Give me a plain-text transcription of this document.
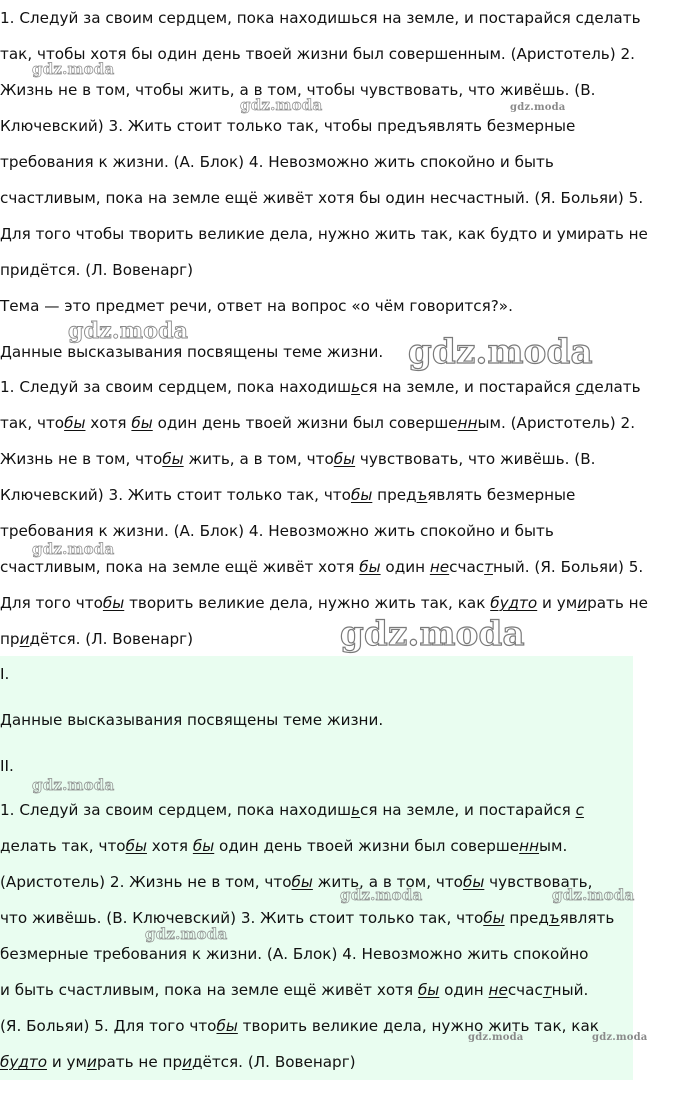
1. Следуй за своим сердцем, пока находишься на земле, и постарайся сделать
так, чтобы хотя бы один день твоей жизни был совершенным. (Аристотель) 2.
Жизнь не в том, чтобы жить, а в том, чтобы чувствовать, что живёшь. (В.
Ключевский) 3. Жить стоит только так, чтобы предъявлять безмерные
требования к жизни. (А. Блок) 4. Невозможно жить спокойно и быть
счастливым, пока на земле ещё живёт хотя бы один несчастный. (Я. Больяи) 5.
Для того чтобы творить великие дела, нужно жить так, как будто и умирать не
придётся. (Л. Вовенарг)
Тема — это предмет речи, ответ на вопрос «о чём говорится?».
Данные высказывания посвящены теме жизни.
1. Следуй за своим сердцем, пока находишься на земле, и постарайся сделать
так, чтобы хотя бы один день твоей жизни был совершенным. (Аристотель) 2.
Жизнь не в том, чтобы жить, а в том, чтобы чувствовать, что живёшь. (В.
Ключевский) 3. Жить стоит только так, чтобы предъявлять безмерные
требования к жизни. (А. Блок) 4. Невозможно жить спокойно и быть
счастливым, пока на земле ещё живёт хотя бы один несчастный. (Я. Больяи) 5.
Для того чтобы творить великие дела, нужно жить так, как будто и умирать не
придётся. (Л. Вовенарг)
I.
Данные высказывания посвящены теме жизни.
II.
1. Следуй за своим сердцем, пока находишься на земле, и постарайся с
делать так, чтобы хотя бы один день твоей жизни был совершенным.
(Аристотель) 2. Жизнь не в том, чтобы жить, а в том, чтобы чувствовать,
что живёшь. (В. Ключевский) 3. Жить стоит только так, чтобы предъявлять
безмерные требования к жизни. (А. Блок) 4. Невозможно жить спокойно
и быть счастливым, пока на земле ещё живёт хотя бы один несчастный.
(Я. Больяи) 5. Для того чтобы творить великие дела, нужно жить так, как
будто и умирать не придётся. (Л. Вовенарг)
gdz.moda
gdz.moda	gdz.moda
gdz.moda
gdz.moda
gdz.moda
gdz.moda
gdz.moda
gdz.moda	gdz.moda
gdz.moda
gdz.moda	gdz.moda
